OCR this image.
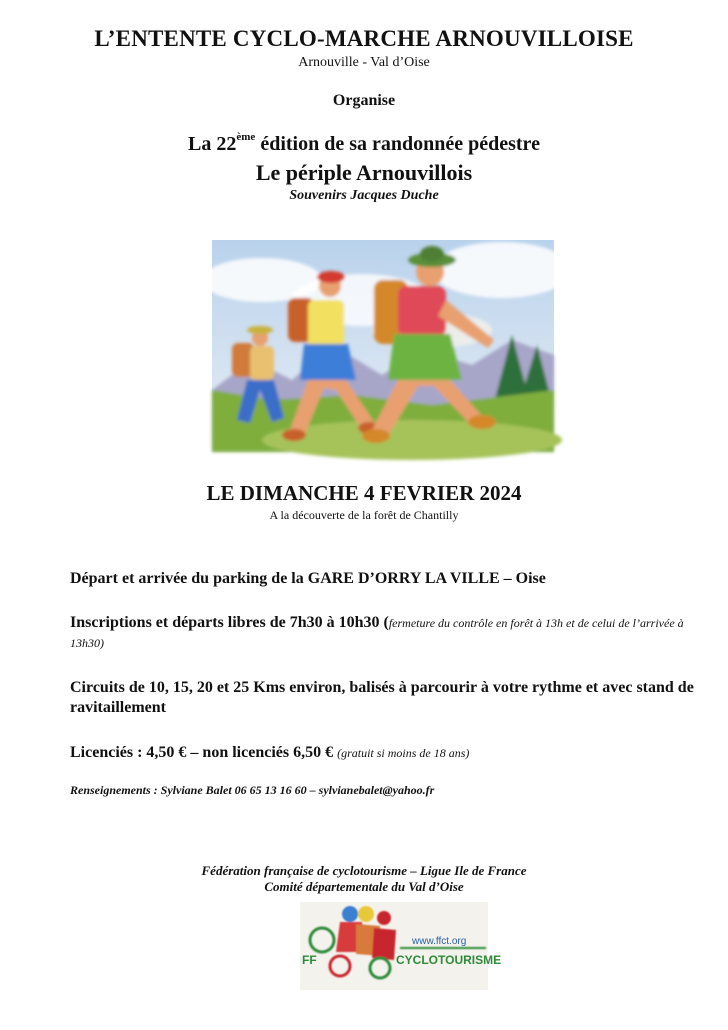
L’ENTENTE CYCLO-MARCHE ARNOUVILLOISE
Arnouville - Val d’Oise
Organise
La 22ème édition de sa randonnée pédestre
Le périple Arnouvillois
Souvenirs Jacques Duche
LE DIMANCHE 4 FEVRIER 2024
A la découverte de la forêt de Chantilly
Départ et arrivée du parking de la GARE D’ORRY LA VILLE – Oise
Inscriptions et départs libres de 7h30 à 10h30 (fermeture du contrôle en forêt à 13h et de celui de l’arrivée à 13h30)
Circuits de 10, 15, 20 et 25 Kms environ, balisés à parcourir à votre rythme et avec stand de ravitaillement
Licenciés : 4,50 € – non licenciés 6,50 € (gratuit si moins de 18 ans)
Renseignements : Sylviane Balet 06 65 13 16 60 – sylvianebalet@yahoo.fr
Fédération française de cyclotourisme – Ligue Ile de France
Comité départementale du Val d’Oise
www.ffct.org
FF	CYCLOTOURISME
